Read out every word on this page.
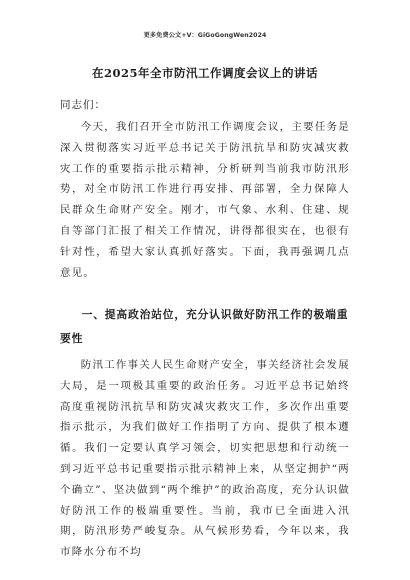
更多免费公文+V：GiGoGongWen2024
在2025年全市防汛工作调度会议上的讲话
同志们：
今天，我们召开全市防汛工作调度会议，主要任务是深入贯彻落实习近平总书记关于防汛抗旱和防灾减灾救灾工作的重要指示批示精神，分析研判当前我市防汛形势，对全市防汛工作进行再安排、再部署，全力保障人民群众生命财产安全。刚才，市气象、水利、住建、规自等部门汇报了相关工作情况，讲得都很实在，也很有针对性，希望大家认真抓好落实。下面，我再强调几点意见。
一、提高政治站位，充分认识做好防汛工作的极端重要性
防汛工作事关人民生命财产安全，事关经济社会发展大局，是一项极其重要的政治任务。习近平总书记始终高度重视防汛抗旱和防灾减灾救灾工作，多次作出重要指示批示，为我们做好工作指明了方向、提供了根本遵循。我们一定要认真学习领会，切实把思想和行动统一到习近平总书记重要指示批示精神上来，从坚定拥护“两个确立”、坚决做到“两个维护”的政治高度，充分认识做好防汛工作的极端重要性。当前，我市已全面进入汛期，防汛形势严峻复杂。从气候形势看，今年以来，我市降水分布不均
